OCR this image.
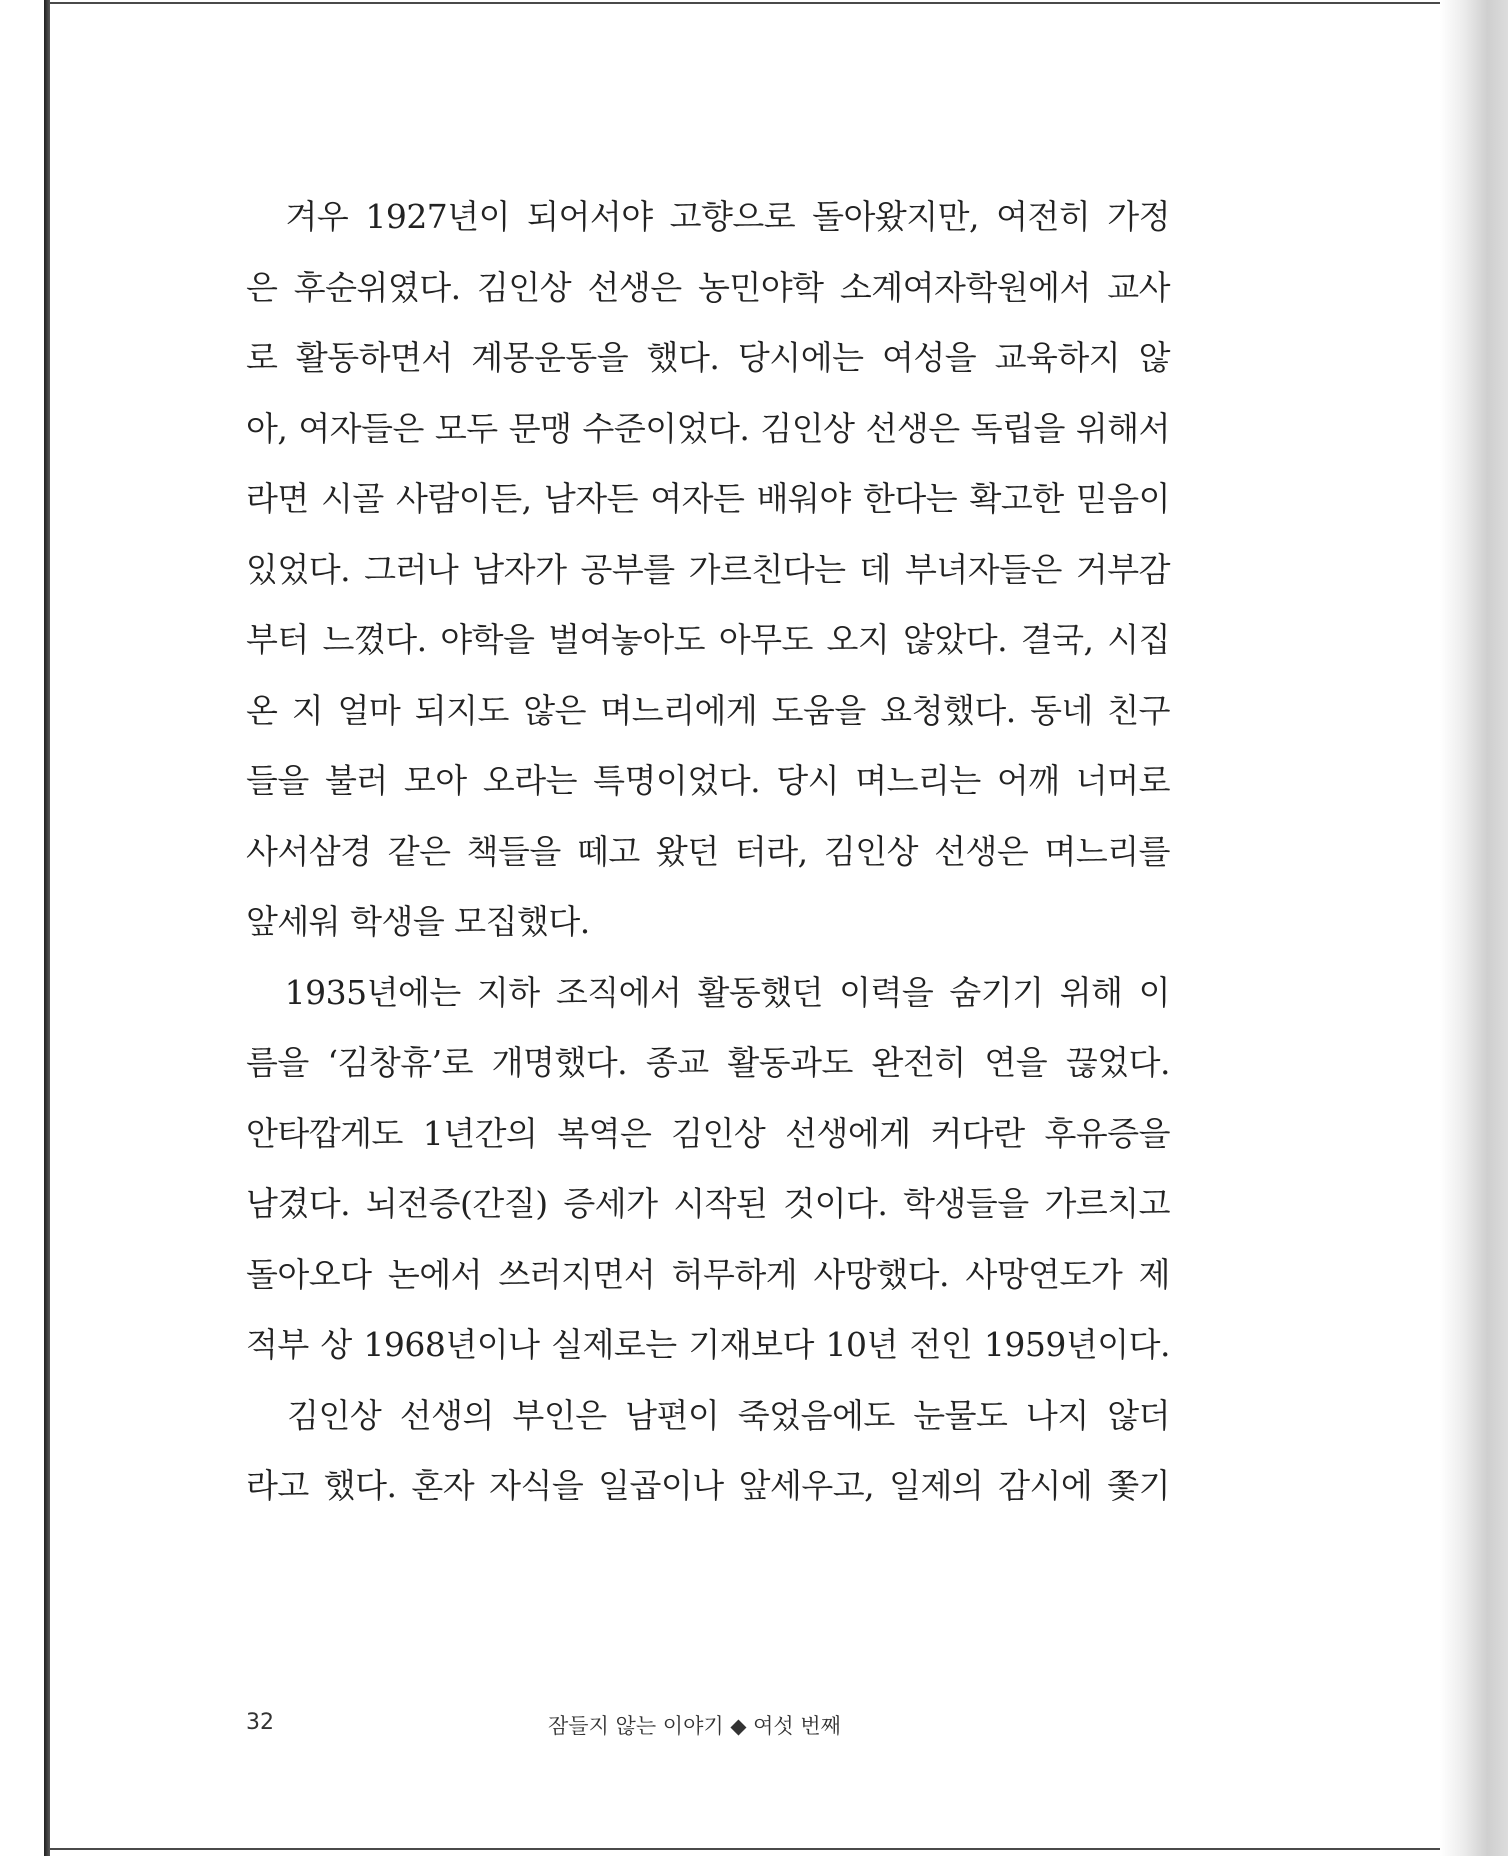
　겨우 1927년이 되어서야 고향으로 돌아왔지만, 여전히 가정
은 후순위였다. 김인상 선생은 농민야학 소계여자학원에서 교사
로 활동하면서 계몽운동을 했다. 당시에는 여성을 교육하지 않
아, 여자들은 모두 문맹 수준이었다. 김인상 선생은 독립을 위해서
라면 시골 사람이든, 남자든 여자든 배워야 한다는 확고한 믿음이
있었다. 그러나 남자가 공부를 가르친다는 데 부녀자들은 거부감
부터 느꼈다. 야학을 벌여놓아도 아무도 오지 않았다. 결국, 시집
온 지 얼마 되지도 않은 며느리에게 도움을 요청했다. 동네 친구
들을 불러 모아 오라는 특명이었다. 당시 며느리는 어깨 너머로
사서삼경 같은 책들을 떼고 왔던 터라, 김인상 선생은 며느리를
앞세워 학생을 모집했다.
　1935년에는 지하 조직에서 활동했던 이력을 숨기기 위해 이
름을 ‘김창휴’로 개명했다. 종교 활동과도 완전히 연을 끊었다.
안타깝게도 1년간의 복역은 김인상 선생에게 커다란 후유증을
남겼다. 뇌전증(간질) 증세가 시작된 것이다. 학생들을 가르치고
돌아오다 논에서 쓰러지면서 허무하게 사망했다. 사망연도가 제
적부 상 1968년이나 실제로는 기재보다 10년 전인 1959년이다.
　김인상 선생의 부인은 남편이 죽었음에도 눈물도 나지 않더
라고 했다. 혼자 자식을 일곱이나 앞세우고, 일제의 감시에 쫓기
32	잠들지 않는 이야기 ◆ 여섯 번째
